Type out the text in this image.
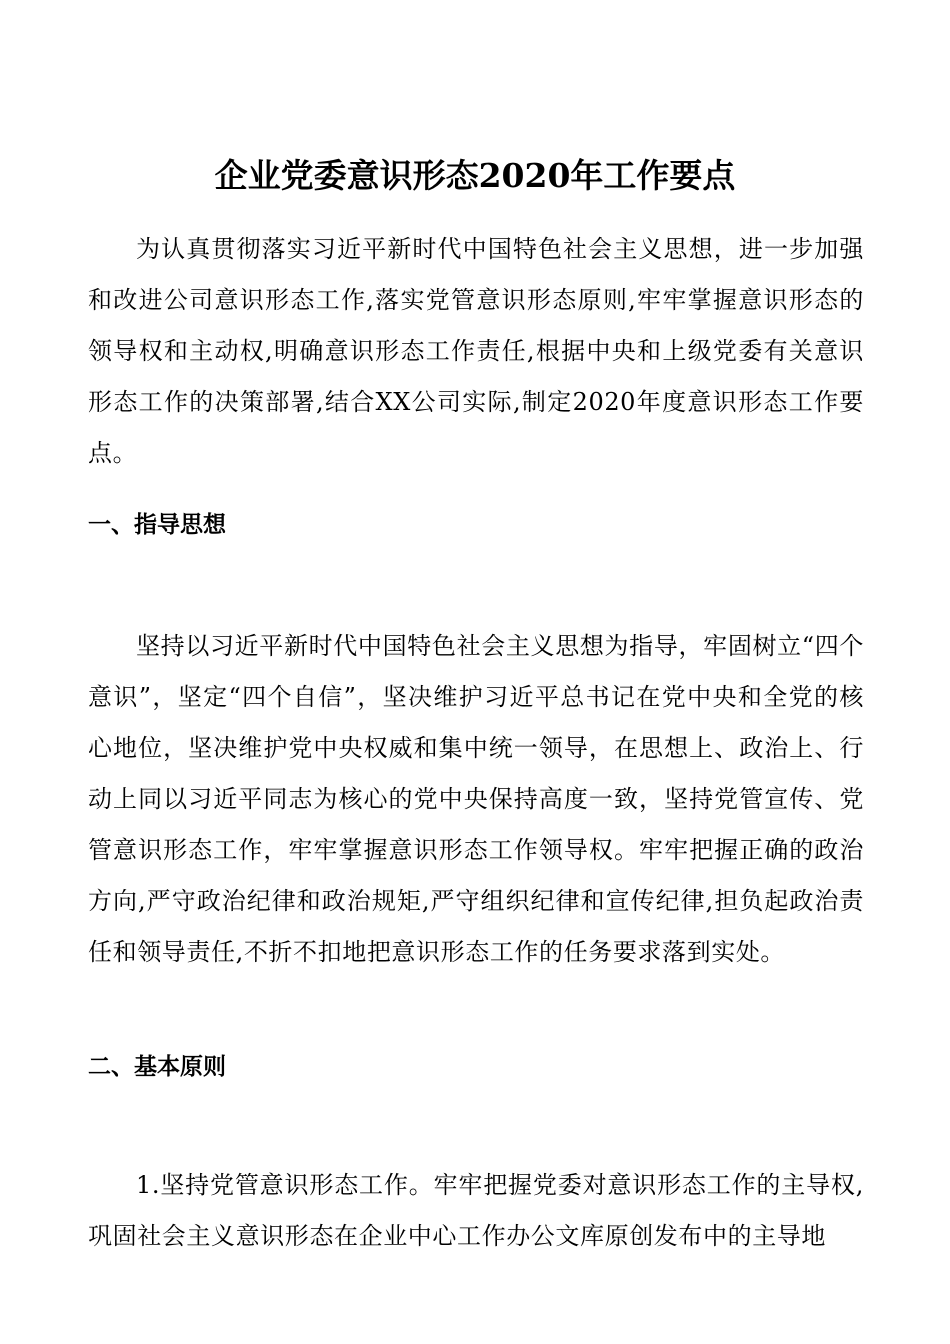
企业党委意识形态2020年工作要点

为认真贯彻落实习近平新时代中国特色社会主义思想，进一步加强和改进公司意识形态工作,落实党管意识形态原则,牢牢掌握意识形态的领导权和主动权,明确意识形态工作责任,根据中央和上级党委有关意识形态工作的决策部署,结合XX公司实际,制定2020年度意识形态工作要点。

一、指导思想

坚持以习近平新时代中国特色社会主义思想为指导，牢固树立“四个意识”，坚定“四个自信”，坚决维护习近平总书记在党中央和全党的核心地位，坚决维护党中央权威和集中统一领导，在思想上、政治上、行动上同以习近平同志为核心的党中央保持高度一致，坚持党管宣传、党管意识形态工作，牢牢掌握意识形态工作领导权。牢牢把握正确的政治方向,严守政治纪律和政治规矩,严守组织纪律和宣传纪律,担负起政治责任和领导责任,不折不扣地把意识形态工作的任务要求落到实处。

二、基本原则

1.坚持党管意识形态工作。牢牢把握党委对意识形态工作的主导权,巩固社会主义意识形态在企业中心工作办公文库原创发布中的主导地
